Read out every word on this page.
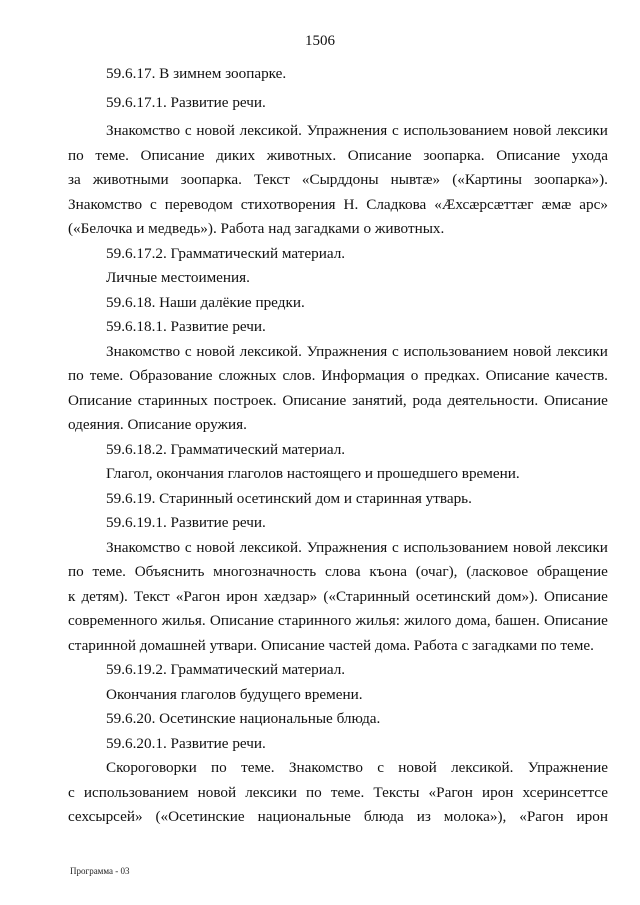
1506
59.6.17. В зимнем зоопарке.
59.6.17.1. Развитие речи.
Знакомство с новой лексикой. Упражнения с использованием новой лексики
по теме. Описание диких животных. Описание зоопарка. Описание ухода
за животными зоопарка. Текст «Сырддоны нывтæ» («Картины зоопарка»).
Знакомство с переводом стихотворения Н. Сладкова «Æхсæрсæттæг æмæ арс»
(«Белочка и медведь»). Работа над загадками о животных.
59.6.17.2. Грамматический материал.
Личные местоимения.
59.6.18. Наши далёкие предки.
59.6.18.1. Развитие речи.
Знакомство с новой лексикой. Упражнения с использованием новой лексики
по теме. Образование сложных слов. Информация о предках. Описание качеств.
Описание старинных построек. Описание занятий, рода деятельности. Описание
одеяния. Описание оружия.
59.6.18.2. Грамматический материал.
Глагол, окончания глаголов настоящего и прошедшего времени.
59.6.19. Старинный осетинский дом и старинная утварь.
59.6.19.1. Развитие речи.
Знакомство с новой лексикой. Упражнения с использованием новой лексики
по теме. Объяснить многозначность слова къона (очаг), (ласковое обращение
к детям). Текст «Рагон ирон хæдзар» («Старинный осетинский дом»). Описание
современного жилья. Описание старинного жилья: жилого дома, башен. Описание
старинной домашней утвари. Описание частей дома. Работа с загадками по теме.
59.6.19.2. Грамматический материал.
Окончания глаголов будущего времени.
59.6.20. Осетинские национальные блюда.
59.6.20.1. Развитие речи.
Скороговорки по теме. Знакомство с новой лексикой. Упражнение
с использованием новой лексики по теме. Тексты «Рагон ирон хсеринсеттсе
сехсырсей» («Осетинские национальные блюда из молока»), «Рагон ирон
Программа - 03
